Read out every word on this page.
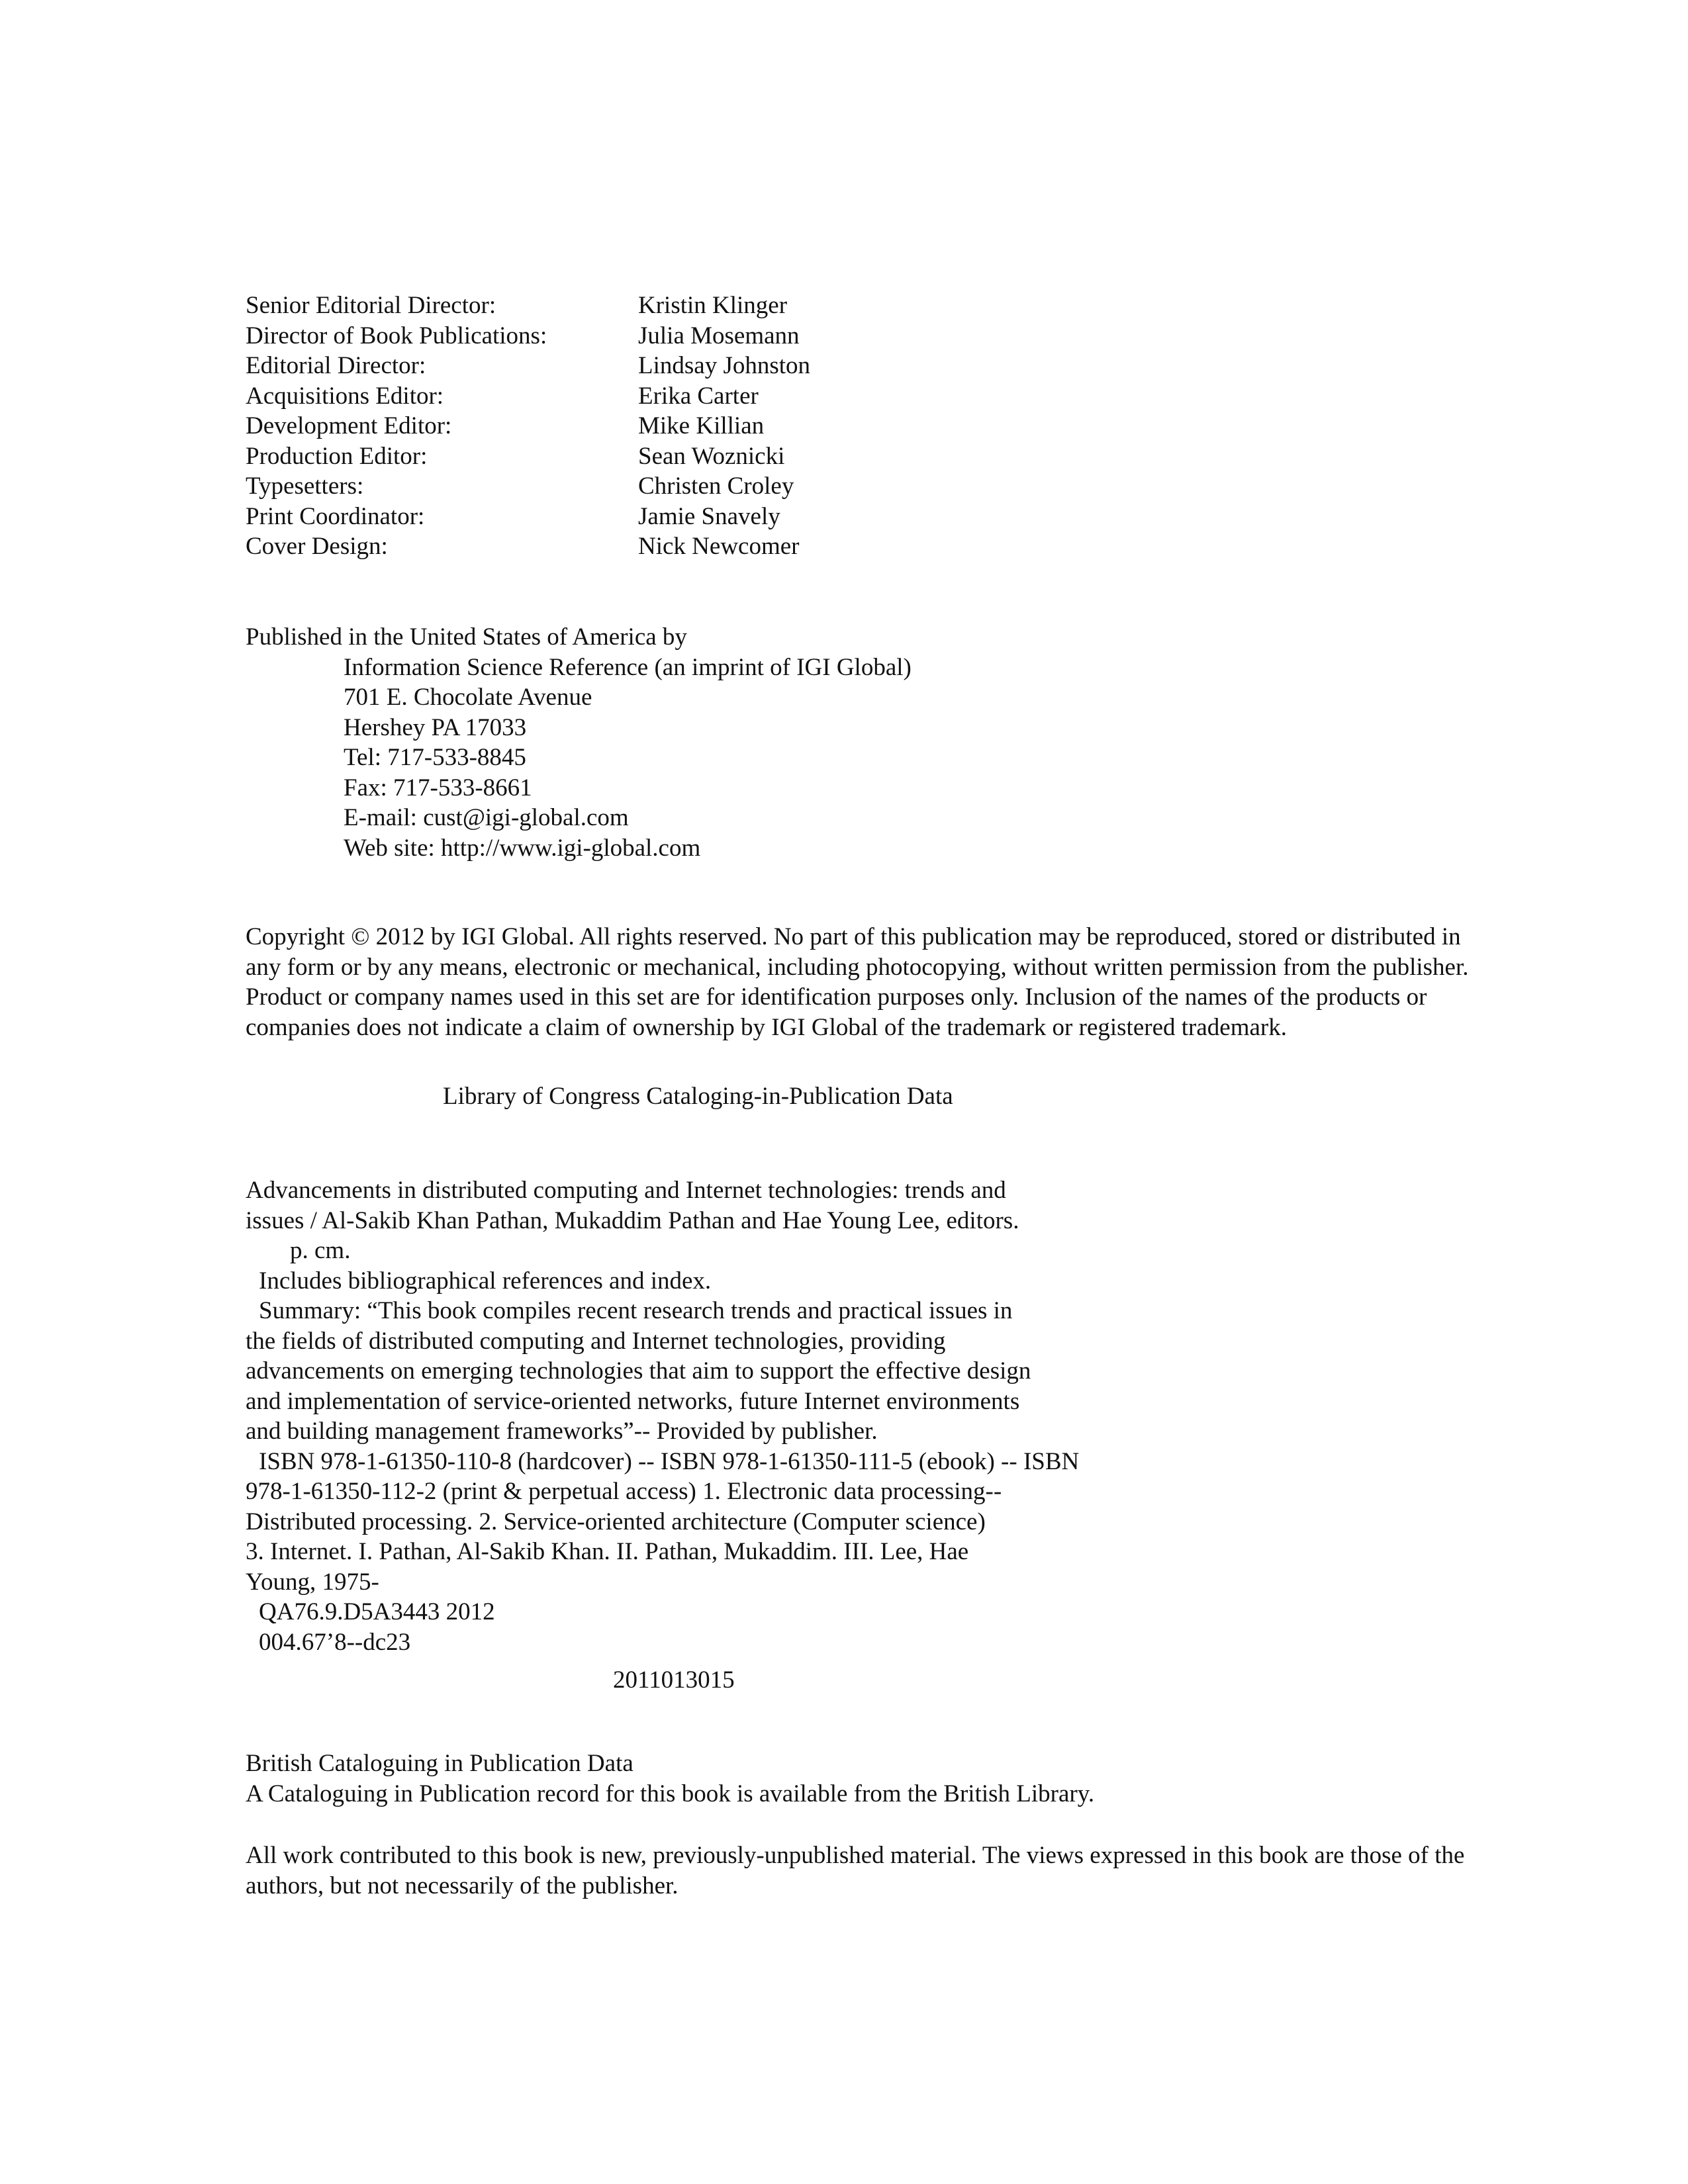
Senior Editorial Director:	Kristin Klinger
Director of Book Publications:	Julia Mosemann
Editorial Director:	Lindsay Johnston
Acquisitions Editor:	Erika Carter
Development Editor:	Mike Killian
Production Editor:	Sean Woznicki
Typesetters:	Christen Croley
Print Coordinator:	Jamie Snavely
Cover Design:	Nick Newcomer
Published in the United States of America by
Information Science Reference (an imprint of IGI Global)
701 E. Chocolate Avenue
Hershey PA 17033
Tel: 717-533-8845
Fax: 717-533-8661
E-mail: cust@igi-global.com
Web site: http://www.igi-global.com
Copyright © 2012 by IGI Global. All rights reserved. No part of this publication may be reproduced, stored or distributed in
any form or by any means, electronic or mechanical, including photocopying, without written permission from the publisher.
Product or company names used in this set are for identification purposes only. Inclusion of the names of the products or
companies does not indicate a claim of ownership by IGI Global of the trademark or registered trademark.
Library of Congress Cataloging-in-Publication Data
Advancements in distributed computing and Internet technologies: trends and
issues / Al-Sakib Khan Pathan, Mukaddim Pathan and Hae Young Lee, editors.
p. cm.
Includes bibliographical references and index.
Summary: “This book compiles recent research trends and practical issues in
the fields of distributed computing and Internet technologies, providing
advancements on emerging technologies that aim to support the effective design
and implementation of service-oriented networks, future Internet environments
and building management frameworks”-- Provided by publisher.
ISBN 978-1-61350-110-8 (hardcover) -- ISBN 978-1-61350-111-5 (ebook) -- ISBN
978-1-61350-112-2 (print & perpetual access) 1. Electronic data processing--
Distributed processing. 2. Service-oriented architecture (Computer science)
3. Internet. I. Pathan, Al-Sakib Khan. II. Pathan, Mukaddim. III. Lee, Hae
Young, 1975-
QA76.9.D5A3443 2012
004.67’8--dc23
2011013015
British Cataloguing in Publication Data
A Cataloguing in Publication record for this book is available from the British Library.
All work contributed to this book is new, previously-unpublished material. The views expressed in this book are those of the
authors, but not necessarily of the publisher.
